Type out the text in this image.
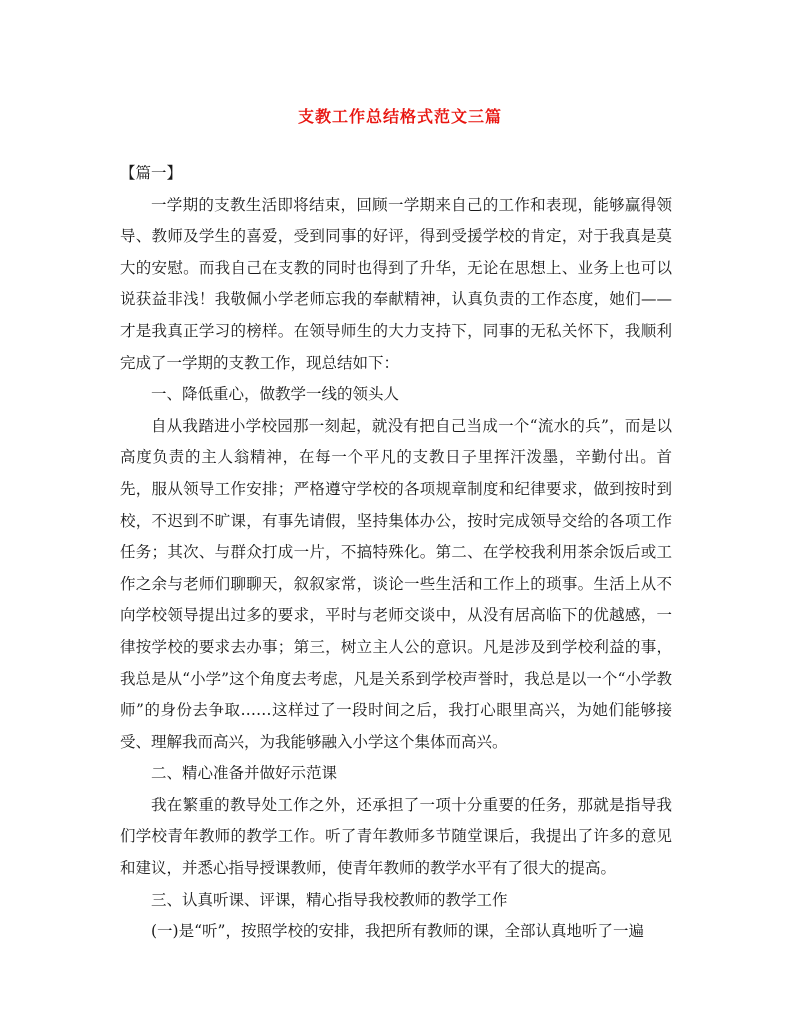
支教工作总结格式范文三篇

【篇一】

一学期的支教生活即将结束，回顾一学期来自己的工作和表现，能够赢得领导、教师及学生的喜爱，受到同事的好评，得到受援学校的肯定，对于我真是莫大的安慰。而我自己在支教的同时也得到了升华，无论在思想上、业务上也可以说获益非浅！我敬佩小学老师忘我的奉献精神，认真负责的工作态度，她们——才是我真正学习的榜样。在领导师生的大力支持下，同事的无私关怀下，我顺利完成了一学期的支教工作，现总结如下：

一、降低重心，做教学一线的领头人

自从我踏进小学校园那一刻起，就没有把自己当成一个“流水的兵”，而是以高度负责的主人翁精神，在每一个平凡的支教日子里挥汗泼墨，辛勤付出。首先，服从领导工作安排；严格遵守学校的各项规章制度和纪律要求，做到按时到校，不迟到不旷课，有事先请假，坚持集体办公，按时完成领导交给的各项工作任务；其次、与群众打成一片，不搞特殊化。第二、在学校我利用茶余饭后或工作之余与老师们聊聊天，叙叙家常，谈论一些生活和工作上的琐事。生活上从不向学校领导提出过多的要求，平时与老师交谈中，从没有居高临下的优越感，一律按学校的要求去办事；第三，树立主人公的意识。凡是涉及到学校利益的事，我总是从“小学”这个角度去考虑，凡是关系到学校声誉时，我总是以一个“小学教师”的身份去争取……这样过了一段时间之后，我打心眼里高兴，为她们能够接受、理解我而高兴，为我能够融入小学这个集体而高兴。

二、精心准备并做好示范课

我在繁重的教导处工作之外，还承担了一项十分重要的任务，那就是指导我们学校青年教师的教学工作。听了青年教师多节随堂课后，我提出了许多的意见和建议，并悉心指导授课教师，使青年教师的教学水平有了很大的提高。

三、认真听课、评课，精心指导我校教师的教学工作

(一)是“听”，按照学校的安排，我把所有教师的课，全部认真地听了一遍
